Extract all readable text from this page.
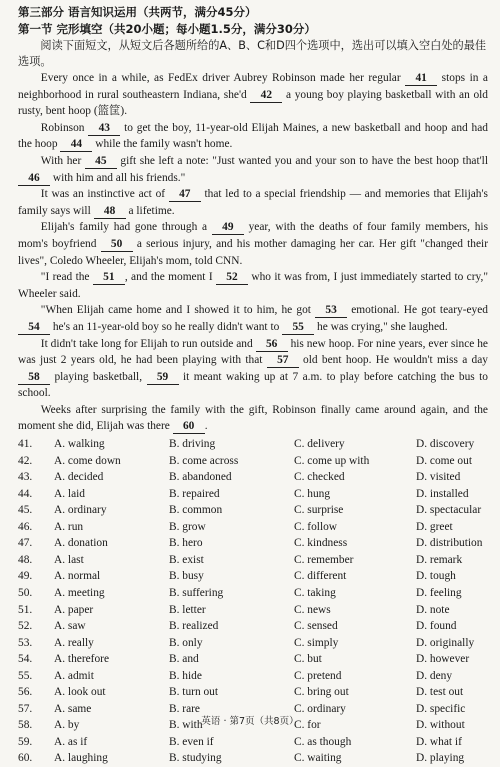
第三部分 语言知识运用（共两节，满分45分）
第一节 完形填空（共20小题；每小题1.5分，满分30分）

阅读下面短文，从短文后各题所给的A、B、C和D四个选项中，选出可以填入空白处的最佳选项。

Every once in a while, as FedEx driver Aubrey Robinson made her regular 41 stops in a neighborhood in rural southeastern Indiana, she'd 42 a young boy playing basketball with an old rusty, bent hoop (篮筐).

Robinson 43 to get the boy, 11-year-old Elijah Maines, a new basketball and hoop and had the hoop 44 while the family wasn't home.

With her 45 gift she left a note: "Just wanted you and your son to have the best hoop that'll 46 with him and all his friends."

It was an instinctive act of 47 that led to a special friendship — and memories that Elijah's family says will 48 a lifetime.

Elijah's family had gone through a 49 year, with the deaths of four family members, his mom's boyfriend 50 a serious injury, and his mother damaging her car. Her gift "changed their lives", Coledo Wheeler, Elijah's mom, told CNN.

"I read the 51 , and the moment I 52 who it was from, I just immediately started to cry," Wheeler said.

"When Elijah came home and I showed it to him, he got 53 emotional. He got teary-eyed 54 he's an 11-year-old boy so he really didn't want to 55 he was crying," she laughed.

It didn't take long for Elijah to run outside and 56 his new hoop. For nine years, ever since he was just 2 years old, he had been playing with that 57 old bent hoop. He wouldn't miss a day 58 playing basketball, 59 it meant waking up at 7 a.m. to play before catching the bus to school.

Weeks after surprising the family with the gift, Robinson finally came around again, and the moment she did, Elijah was there 60 .

41.	A. walking	B. driving	C. delivery	D. discovery
42.	A. come down	B. come across	C. come up with	D. come out
43.	A. decided	B. abandoned	C. checked	D. visited
44.	A. laid	B. repaired	C. hung	D. installed
45.	A. ordinary	B. common	C. surprise	D. spectacular
46.	A. run	B. grow	C. follow	D. greet
47.	A. donation	B. hero	C. kindness	D. distribution
48.	A. last	B. exist	C. remember	D. remark
49.	A. normal	B. busy	C. different	D. tough
50.	A. meeting	B. suffering	C. taking	D. feeling
51.	A. paper	B. letter	C. news	D. note
52.	A. saw	B. realized	C. sensed	D. found
53.	A. really	B. only	C. simply	D. originally
54.	A. therefore	B. and	C. but	D. however
55.	A. admit	B. hide	C. pretend	D. deny
56.	A. look out	B. turn out	C. bring out	D. test out
57.	A. same	B. rare	C. ordinary	D. specific
58.	A. by	B. with	C. for	D. without
59.	A. as if	B. even if	C. as though	D. what if
60.	A. laughing	B. studying	C. waiting	D. playing
英语 · 第7页（共8页）
